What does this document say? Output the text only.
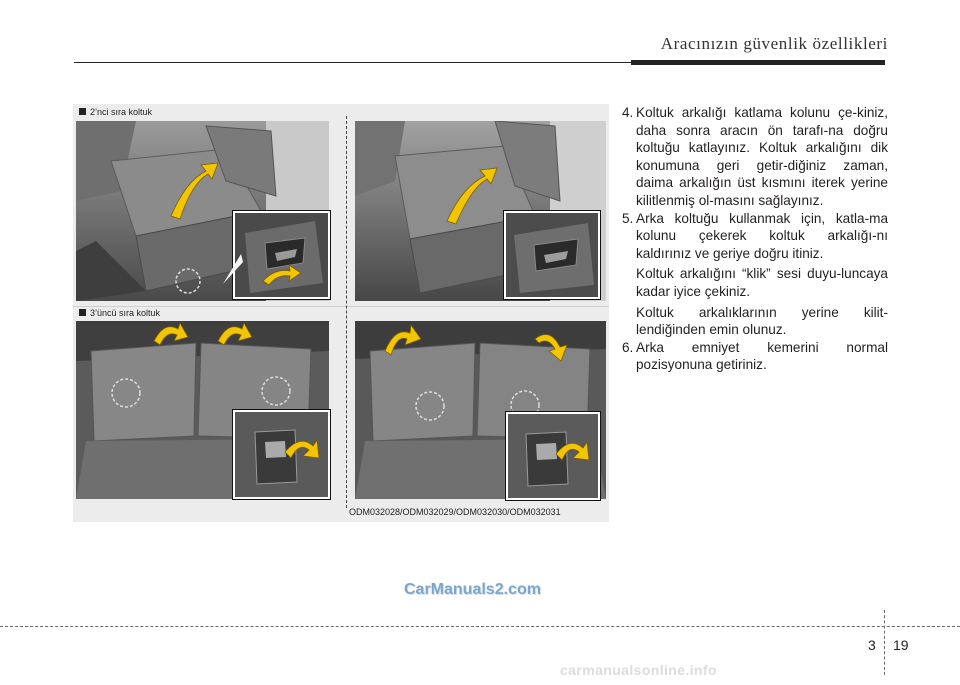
Aracınızın güvenlik özellikleri
2’nci sıra koltuk
3’üncü sıra koltuk
ODM032028/ODM032029/ODM032030/ODM032031

4. Koltuk arkalığı katlama kolunu çe-kiniz, daha sonra aracın ön tarafı-na doğru koltuğu katlayınız. Koltuk arkalığını dik konumuna geri getir-diğiniz zaman, daima arkalığın üst kısmını iterek yerine kilitlenmiş ol-masını sağlayınız.

5. Arka koltuğu kullanmak için, katla-ma kolunu çekerek koltuk arkalığı-nı kaldırınız ve geriye doğru itiniz.

Koltuk arkalığını “klik” sesi duyu-luncaya kadar iyice çekiniz.

Koltuk arkalıklarının yerine kilit-lendiğinden emin olunuz.

6. Arka emniyet kemerini normal pozisyonuna getiriniz.

CarManuals2.com
3 19
carmanualsonline.info
